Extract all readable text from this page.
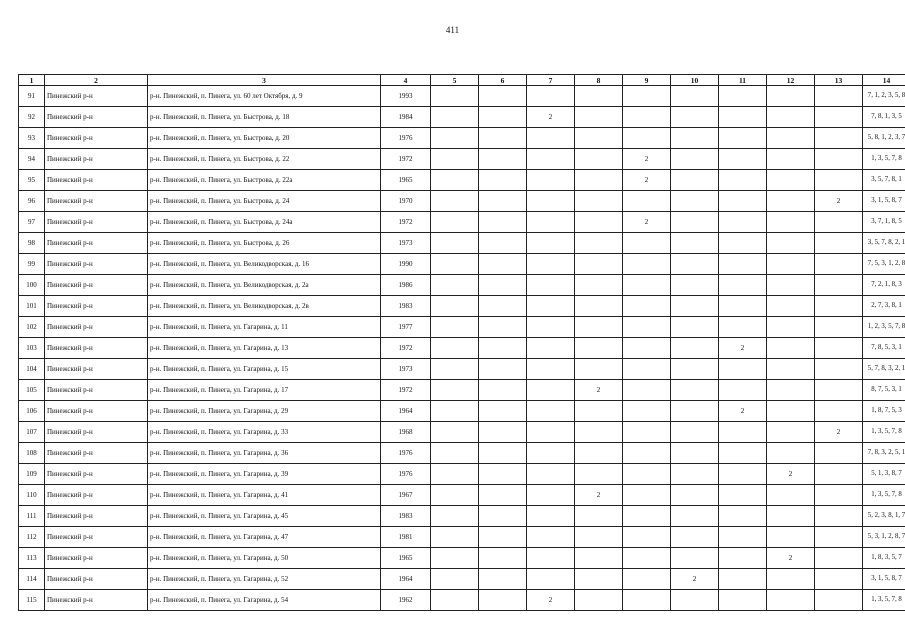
411
1	2	3	4	5	6	7	8	9	10	11	12	13	14
91	Пинежский р-н	р-н. Пинежский, п. Пинега, ул. 60 лет Октября, д. 9	1993										7, 1, 2, 3, 5, 8
92	Пинежский р-н	р-н. Пинежский, п. Пинега, ул. Быстрова, д. 18	1984			2							7, 8, 1, 3, 5
93	Пинежский р-н	р-н. Пинежский, п. Пинега, ул. Быстрова, д. 20	1976										5, 8, 1, 2, 3, 7
94	Пинежский р-н	р-н. Пинежский, п. Пинега, ул. Быстрова, д. 22	1972					2					1, 3, 5, 7, 8
95	Пинежский р-н	р-н. Пинежский, п. Пинега, ул. Быстрова, д. 22а	1965					2					3, 5, 7, 8, 1
96	Пинежский р-н	р-н. Пинежский, п. Пинега, ул. Быстрова, д. 24	1970									2	3, 1, 5, 8, 7
97	Пинежский р-н	р-н. Пинежский, п. Пинега, ул. Быстрова, д. 24а	1972					2					3, 7, 1, 8, 5
98	Пинежский р-н	р-н. Пинежский, п. Пинега, ул. Быстрова, д. 26	1973										3, 5, 7, 8, 2, 1
99	Пинежский р-н	р-н. Пинежский, п. Пинега, ул. Великодворская, д. 16	1990										7, 5, 3, 1, 2, 8
100	Пинежский р-н	р-н. Пинежский, п. Пинега, ул. Великодворская, д. 2а	1986										7, 2, 1, 8, 3
101	Пинежский р-н	р-н. Пинежский, п. Пинега, ул. Великодворская, д. 2в	1983										2, 7, 3, 8, 1
102	Пинежский р-н	р-н. Пинежский, п. Пинега, ул. Гагарина, д. 11	1977										1, 2, 3, 5, 7, 8
103	Пинежский р-н	р-н. Пинежский, п. Пинега, ул. Гагарина, д. 13	1972							2			7, 8, 5, 3, 1
104	Пинежский р-н	р-н. Пинежский, п. Пинега, ул. Гагарина, д. 15	1973										5, 7, 8, 3, 2, 1
105	Пинежский р-н	р-н. Пинежский, п. Пинега, ул. Гагарина, д. 17	1972				2						8, 7, 5, 3, 1
106	Пинежский р-н	р-н. Пинежский, п. Пинега, ул. Гагарина, д. 29	1964							2			1, 8, 7, 5, 3
107	Пинежский р-н	р-н. Пинежский, п. Пинега, ул. Гагарина, д. 33	1968									2	1, 3, 5, 7, 8
108	Пинежский р-н	р-н. Пинежский, п. Пинега, ул. Гагарина, д. 36	1976										7, 8, 3, 2, 5, 1
109	Пинежский р-н	р-н. Пинежский, п. Пинега, ул. Гагарина, д. 39	1976								2		5, 1, 3, 8, 7
110	Пинежский р-н	р-н. Пинежский, п. Пинега, ул. Гагарина, д. 41	1967				2						1, 3, 5, 7, 8
111	Пинежский р-н	р-н. Пинежский, п. Пинега, ул. Гагарина, д. 45	1983										5, 2, 3, 8, 1, 7
112	Пинежский р-н	р-н. Пинежский, п. Пинега, ул. Гагарина, д. 47	1981										5, 3, 1, 2, 8, 7
113	Пинежский р-н	р-н. Пинежский, п. Пинега, ул. Гагарина, д. 50	1965								2		1, 8, 3, 5, 7
114	Пинежский р-н	р-н. Пинежский, п. Пинега, ул. Гагарина, д. 52	1964						2				3, 1, 5, 8, 7
115	Пинежский р-н	р-н. Пинежский, п. Пинега, ул. Гагарина, д. 54	1962			2							1, 3, 5, 7, 8
